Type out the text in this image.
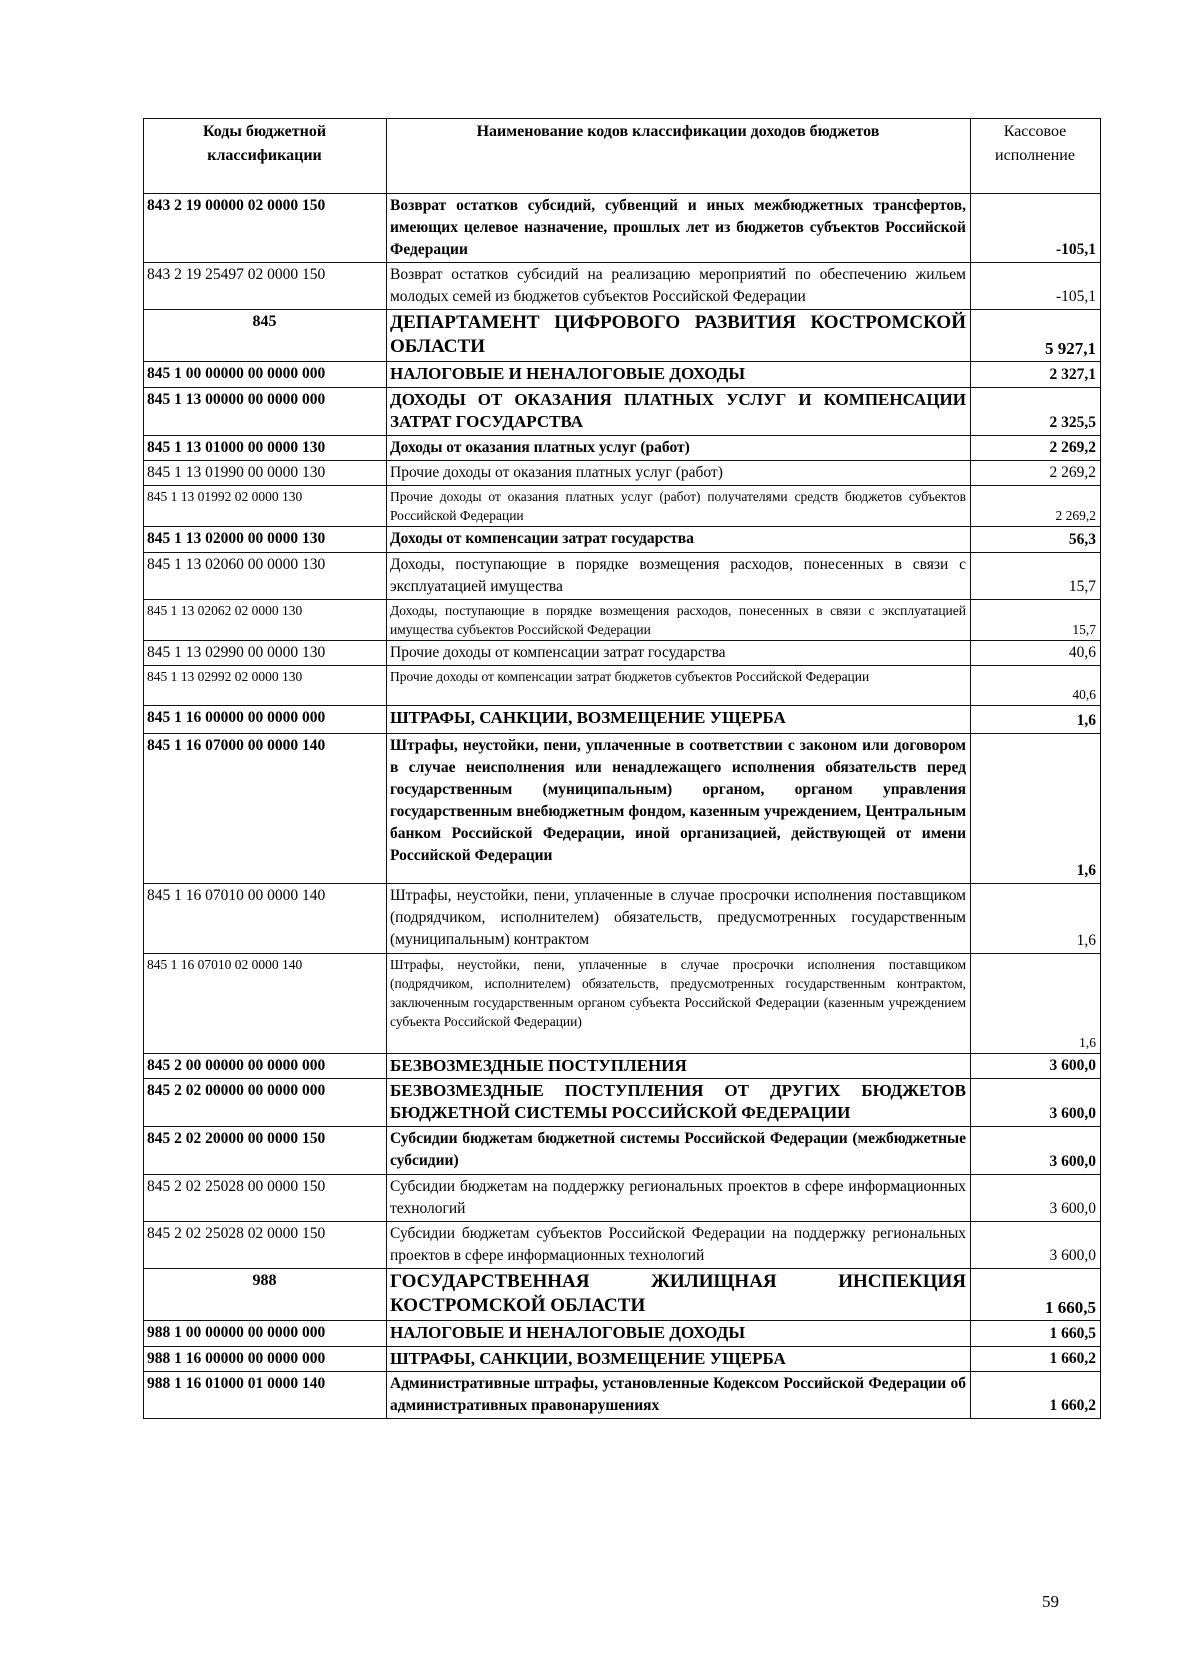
Коды бюджетной классификации	Наименование кодов классификации доходов бюджетов	Кассовое исполнение
843 2 19 00000 02 0000 150	Возврат остатков субсидий, субвенций и иных межбюджетных трансфертов, имеющих целевое назначение, прошлых лет из бюджетов субъектов Российской Федерации	-105,1
843 2 19 25497 02 0000 150	Возврат остатков субсидий на реализацию мероприятий по обеспечению жильем молодых семей из бюджетов субъектов Российской Федерации	-105,1
845	ДЕПАРТАМЕНТ ЦИФРОВОГО РАЗВИТИЯ КОСТРОМСКОЙ ОБЛАСТИ	5 927,1
845 1 00 00000 00 0000 000	НАЛОГОВЫЕ И НЕНАЛОГОВЫЕ ДОХОДЫ	2 327,1
845 1 13 00000 00 0000 000	ДОХОДЫ ОТ ОКАЗАНИЯ ПЛАТНЫХ УСЛУГ И КОМПЕНСАЦИИ ЗАТРАТ ГОСУДАРСТВА	2 325,5
845 1 13 01000 00 0000 130	Доходы от оказания платных услуг (работ)	2 269,2
845 1 13 01990 00 0000 130	Прочие доходы от оказания платных услуг (работ)	2 269,2
845 1 13 01992 02 0000 130	Прочие доходы от оказания платных услуг (работ) получателями средств бюджетов субъектов Российской Федерации	2 269,2
845 1 13 02000 00 0000 130	Доходы от компенсации затрат государства	56,3
845 1 13 02060 00 0000 130	Доходы, поступающие в порядке возмещения расходов, понесенных в связи с эксплуатацией имущества	15,7
845 1 13 02062 02 0000 130	Доходы, поступающие в порядке возмещения расходов, понесенных в связи с эксплуатацией имущества субъектов Российской Федерации	15,7
845 1 13 02990 00 0000 130	Прочие доходы от компенсации затрат государства	40,6
845 1 13 02992 02 0000 130	Прочие доходы от компенсации затрат бюджетов субъектов Российской Федерации	40,6
845 1 16 00000 00 0000 000	ШТРАФЫ, САНКЦИИ, ВОЗМЕЩЕНИЕ УЩЕРБА	1,6
845 1 16 07000 00 0000 140	Штрафы, неустойки, пени, уплаченные в соответствии с законом или договором в случае неисполнения или ненадлежащего исполнения обязательств перед государственным (муниципальным) органом, органом управления государственным внебюджетным фондом, казенным учреждением, Центральным банком Российской Федерации, иной организацией, действующей от имени Российской Федерации	1,6
845 1 16 07010 00 0000 140	Штрафы, неустойки, пени, уплаченные в случае просрочки исполнения поставщиком (подрядчиком, исполнителем) обязательств, предусмотренных государственным (муниципальным) контрактом	1,6
845 1 16 07010 02 0000 140	Штрафы, неустойки, пени, уплаченные в случае просрочки исполнения поставщиком (подрядчиком, исполнителем) обязательств, предусмотренных государственным контрактом, заключенным государственным органом субъекта Российской Федерации (казенным учреждением субъекта Российской Федерации)	1,6
845 2 00 00000 00 0000 000	БЕЗВОЗМЕЗДНЫЕ ПОСТУПЛЕНИЯ	3 600,0
845 2 02 00000 00 0000 000	БЕЗВОЗМЕЗДНЫЕ ПОСТУПЛЕНИЯ ОТ ДРУГИХ БЮДЖЕТОВ БЮДЖЕТНОЙ СИСТЕМЫ РОССИЙСКОЙ ФЕДЕРАЦИИ	3 600,0
845 2 02 20000 00 0000 150	Субсидии бюджетам бюджетной системы Российской Федерации (межбюджетные субсидии)	3 600,0
845 2 02 25028 00 0000 150	Субсидии бюджетам на поддержку региональных проектов в сфере информационных технологий	3 600,0
845 2 02 25028 02 0000 150	Субсидии бюджетам субъектов Российской Федерации на поддержку региональных проектов в сфере информационных технологий	3 600,0
988	ГОСУДАРСТВЕННАЯ ЖИЛИЩНАЯ ИНСПЕКЦИЯ КОСТРОМСКОЙ ОБЛАСТИ	1 660,5
988 1 00 00000 00 0000 000	НАЛОГОВЫЕ И НЕНАЛОГОВЫЕ ДОХОДЫ	1 660,5
988 1 16 00000 00 0000 000	ШТРАФЫ, САНКЦИИ, ВОЗМЕЩЕНИЕ УЩЕРБА	1 660,2
988 1 16 01000 01 0000 140	Административные штрафы, установленные Кодексом Российской Федерации об административных правонарушениях	1 660,2
59
